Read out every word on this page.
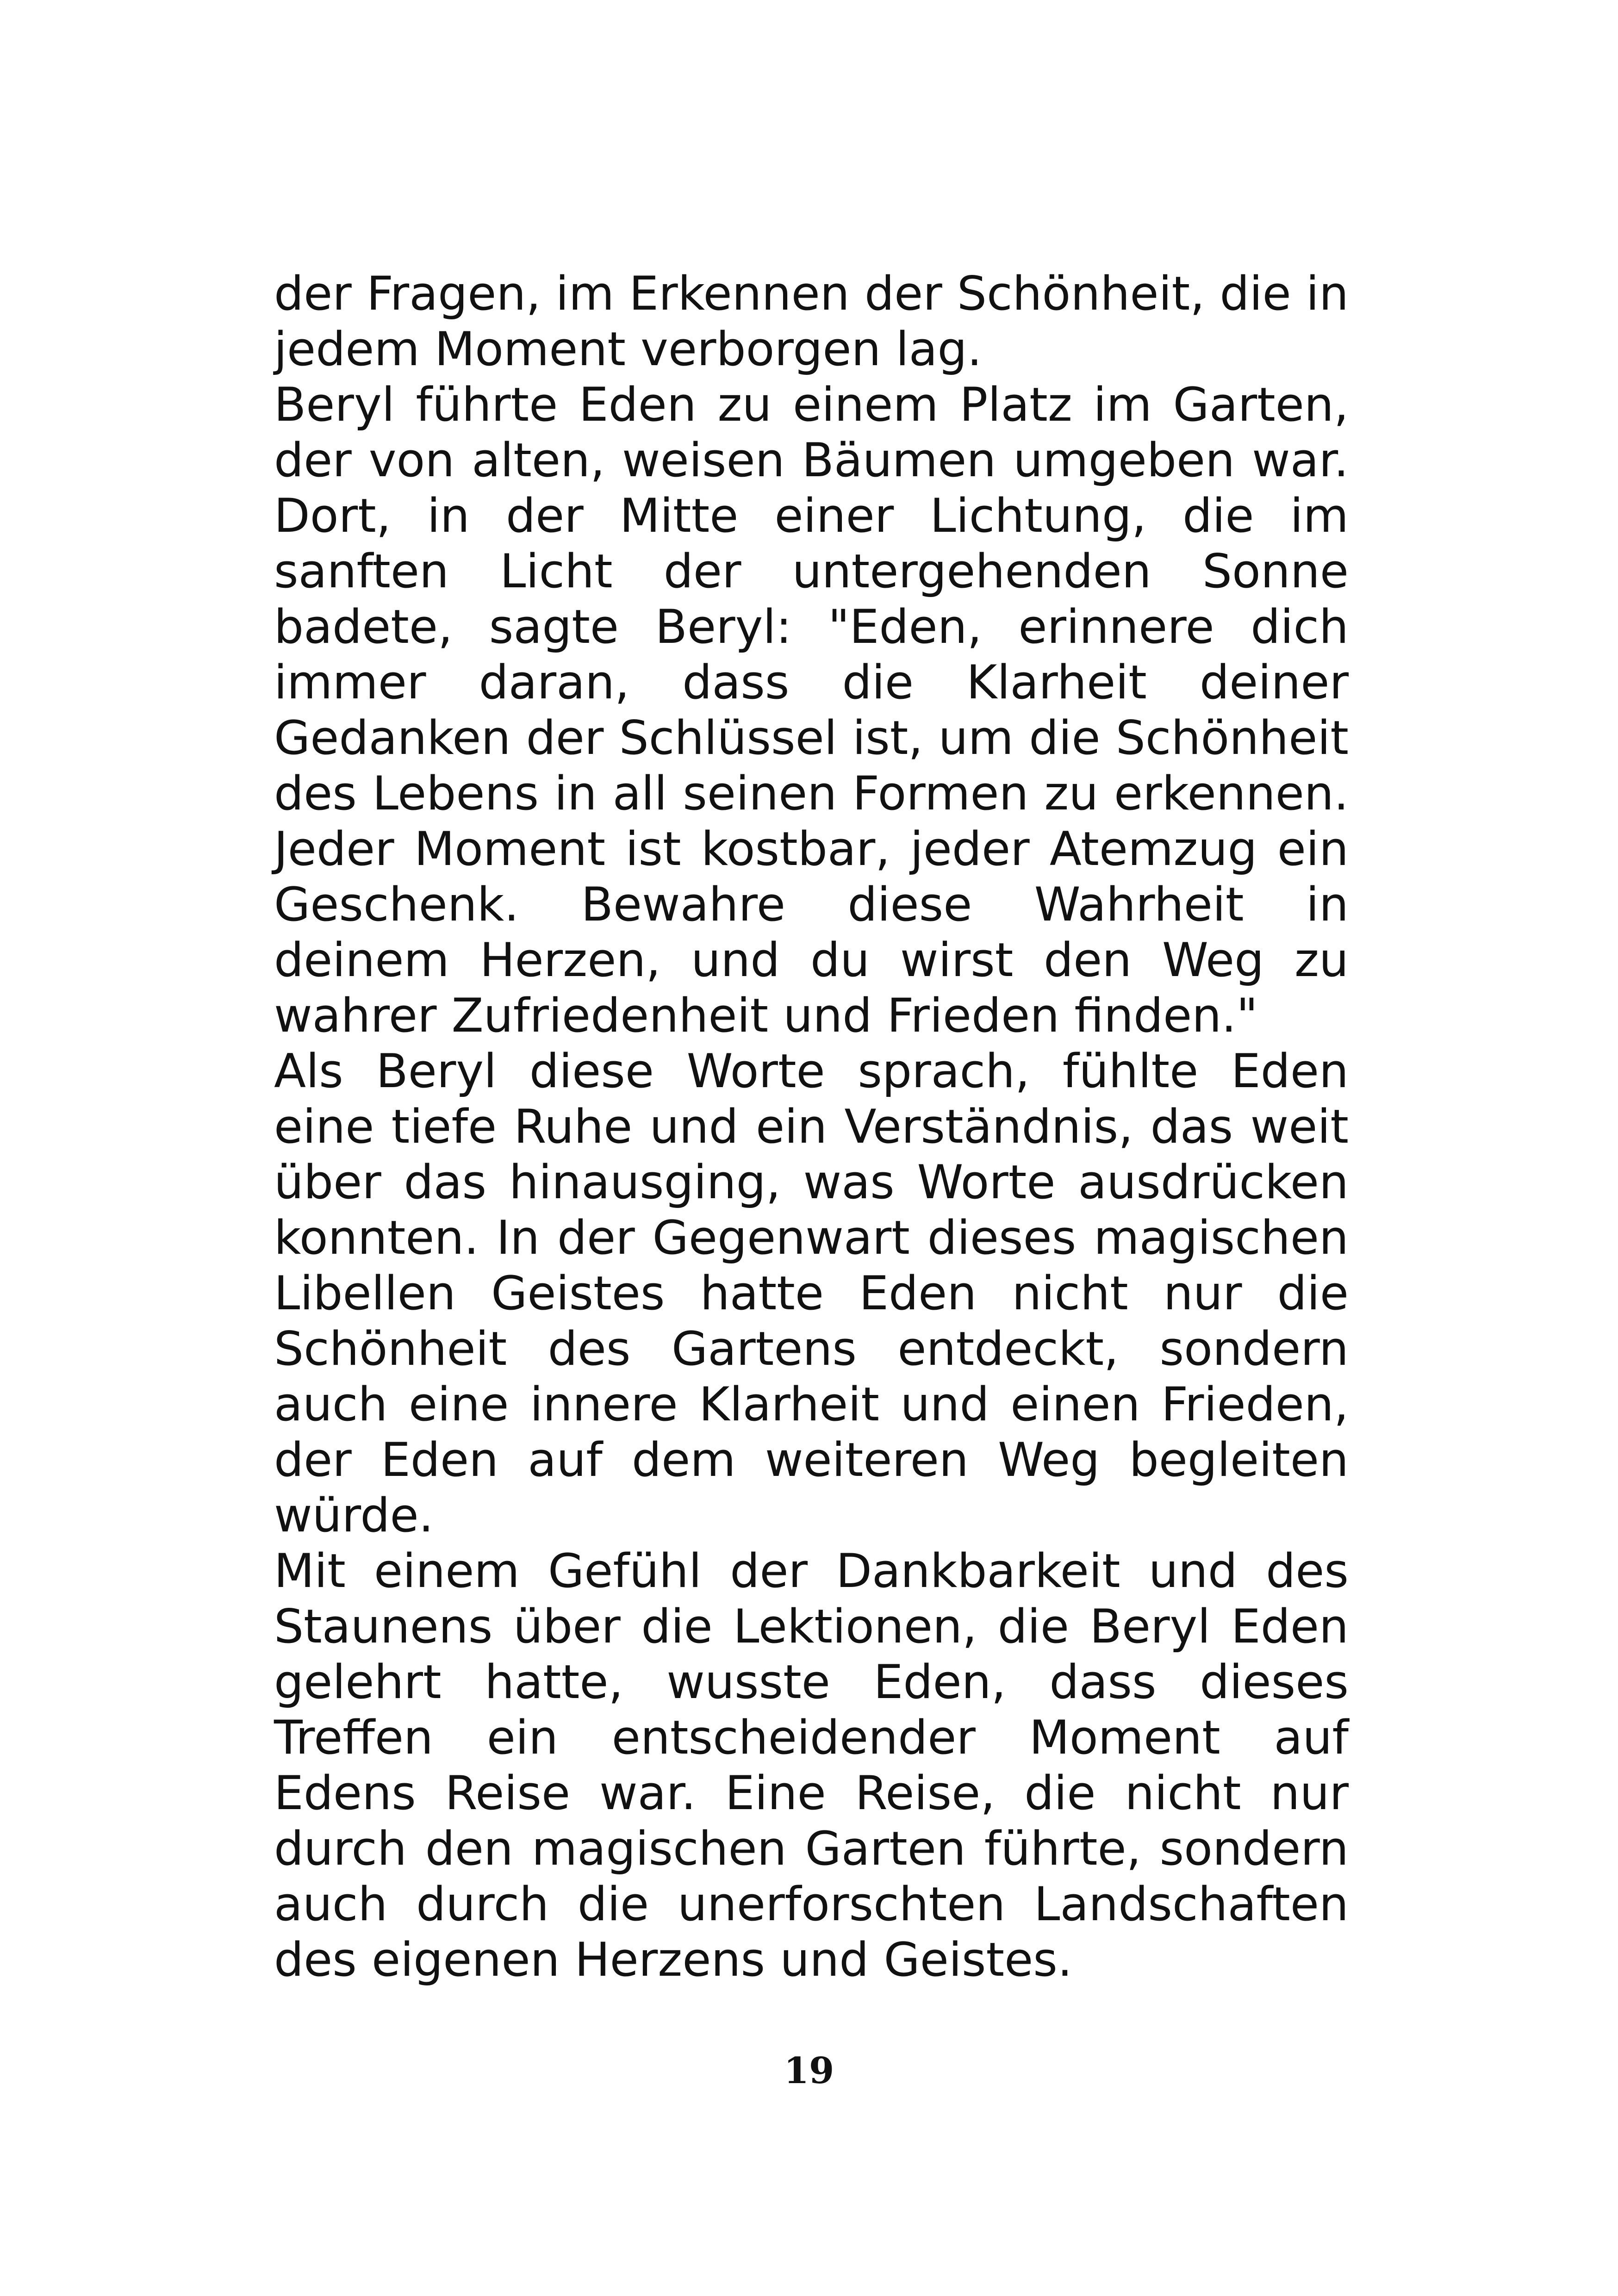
der Fragen, im Erkennen der Schönheit, die in jedem Moment verborgen lag.

Beryl führte Eden zu einem Platz im Garten, der von alten, weisen Bäumen umgeben war. Dort, in der Mitte einer Lichtung, die im sanften Licht der untergehenden Sonne badete, sagte Beryl: "Eden, erinnere dich immer daran, dass die Klarheit deiner Gedanken der Schlüssel ist, um die Schönheit des Lebens in all seinen Formen zu erkennen. Jeder Moment ist kostbar, jeder Atemzug ein Geschenk. Bewahre diese Wahrheit in deinem Herzen, und du wirst den Weg zu wahrer Zufriedenheit und Frieden finden."

Als Beryl diese Worte sprach, fühlte Eden eine tiefe Ruhe und ein Verständnis, das weit über das hinausging, was Worte ausdrücken konnten. In der Gegenwart dieses magischen Libellen Geistes hatte Eden nicht nur die Schönheit des Gartens entdeckt, sondern auch eine innere Klarheit und einen Frieden, der Eden auf dem weiteren Weg begleiten würde.

Mit einem Gefühl der Dankbarkeit und des Staunens über die Lektionen, die Beryl Eden gelehrt hatte, wusste Eden, dass dieses Treffen ein entscheidender Moment auf Edens Reise war. Eine Reise, die nicht nur durch den magischen Garten führte, sondern auch durch die unerforschten Landschaften des eigenen Herzens und Geistes.

19
